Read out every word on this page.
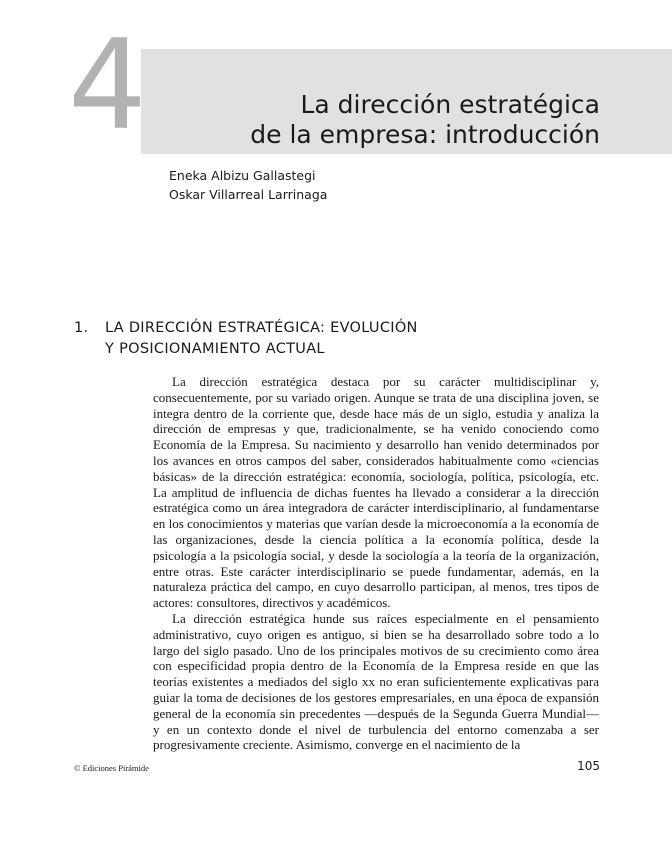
4	La dirección estratégica
de la empresa: introducción
Eneka Albizu Gallastegi
Oskar Villarreal Larrinaga
1. LA DIRECCIÓN ESTRATÉGICA: EVOLUCIÓN
Y POSICIONAMIENTO ACTUAL

La dirección estratégica destaca por su carácter multidisciplinar y, consecuentemente, por su variado origen. Aunque se trata de una disciplina joven, se integra dentro de la corriente que, desde hace más de un siglo, estudia y analiza la dirección de empresas y que, tradicionalmente, se ha venido conociendo como Economía de la Empresa. Su nacimiento y desarrollo han venido determinados por los avances en otros campos del saber, considerados habitualmente como «ciencias básicas» de la dirección estratégica: economía, sociología, política, psicología, etc. La amplitud de influencia de dichas fuentes ha llevado a considerar a la dirección estratégica como un área integradora de carácter interdisciplinario, al fundamentarse en los conocimientos y materias que varían desde la microeconomía a la economía de las organizaciones, desde la ciencia política a la economía política, desde la psicología a la psicología social, y desde la sociología a la teoría de la organización, entre otras. Este carácter interdisciplinario se puede fundamentar, además, en la naturaleza práctica del campo, en cuyo desarrollo participan, al menos, tres tipos de actores: consultores, directivos y académicos.

La dirección estratégica hunde sus raíces especialmente en el pensamiento administrativo, cuyo origen es antiguo, si bien se ha desarrollado sobre todo a lo largo del siglo pasado. Uno de los principales motivos de su crecimiento como área con especificidad propia dentro de la Economía de la Empresa reside en que las teorías existentes a mediados del siglo xx no eran suficientemente explicativas para guiar la toma de decisiones de los gestores empresariales, en una época de expansión general de la economía sin precedentes —después de la Segunda Guerra Mundial— y en un contexto donde el nivel de turbulencia del entorno comenzaba a ser progresivamente creciente. Asimismo, converge en el nacimiento de la

© Ediciones Pirámide	105
